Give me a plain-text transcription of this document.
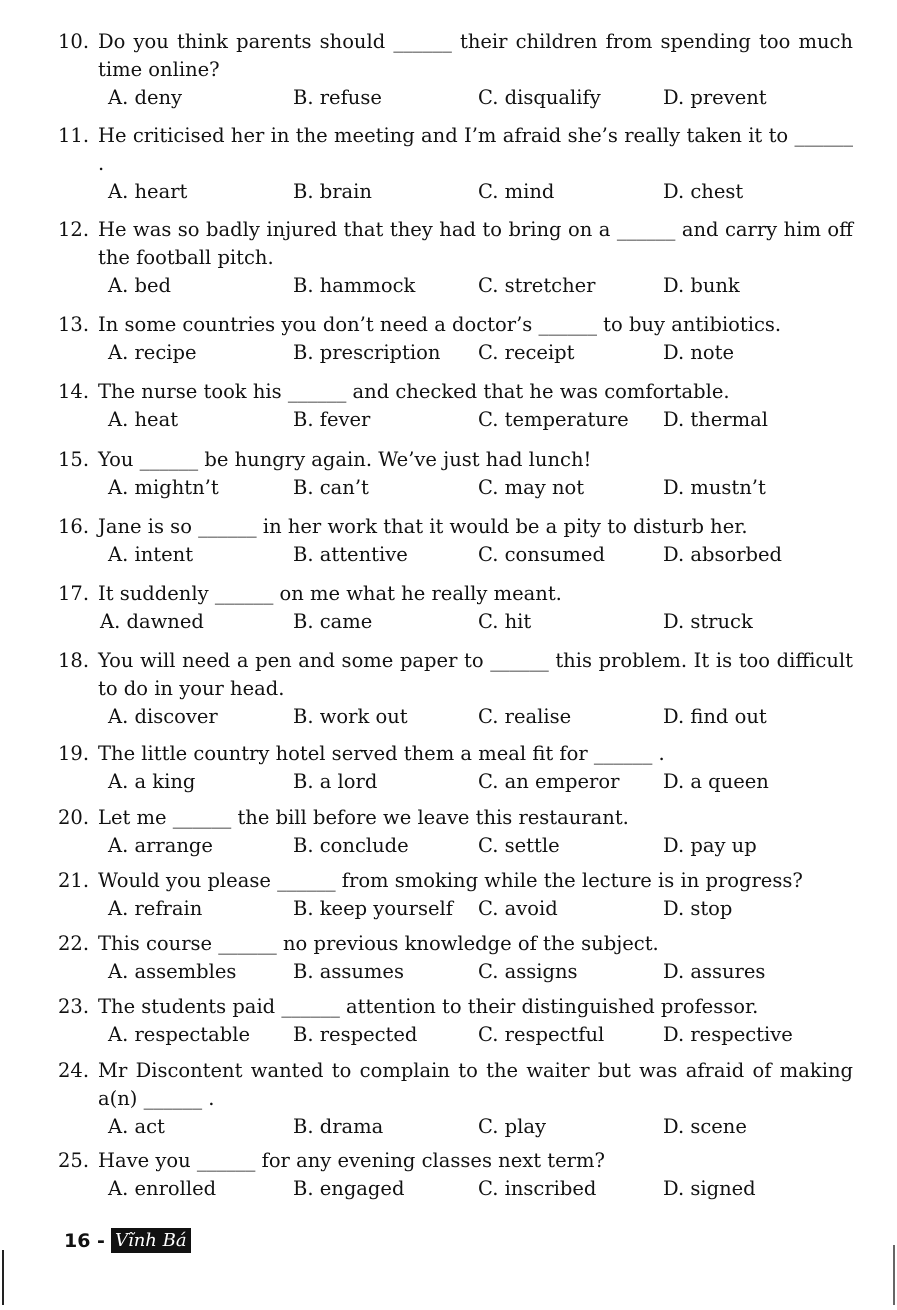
10. Do you think parents should ______ their children from spending too much time online?
A. deny	B. refuse	C. disqualify	D. prevent
11. He criticised her in the meeting and I’m afraid she’s really taken it to ______ .
A. heart	B. brain	C. mind	D. chest
12. He was so badly injured that they had to bring on a ______ and carry him off the football pitch.
A. bed	B. hammock	C. stretcher	D. bunk
13. In some countries you don’t need a doctor’s ______ to buy antibiotics.
A. recipe	B. prescription	C. receipt	D. note
14. The nurse took his ______ and checked that he was comfortable.
A. heat	B. fever	C. temperature	D. thermal
15. You ______ be hungry again. We’ve just had lunch!
A. mightn’t	B. can’t	C. may not	D. mustn’t
16. Jane is so ______ in her work that it would be a pity to disturb her.
A. intent	B. attentive	C. consumed	D. absorbed
17. It suddenly ______ on me what he really meant.
A. dawned	B. came	C. hit	D. struck
18. You will need a pen and some paper to ______ this problem. It is too difficult to do in your head.
A. discover	B. work out	C. realise	D. find out
19. The little country hotel served them a meal fit for ______ .
A. a king	B. a lord	C. an emperor	D. a queen
20. Let me ______ the bill before we leave this restaurant.
A. arrange	B. conclude	C. settle	D. pay up
21. Would you please ______ from smoking while the lecture is in progress?
A. refrain	B. keep yourself	C. avoid	D. stop
22. This course ______ no previous knowledge of the subject.
A. assembles	B. assumes	C. assigns	D. assures
23. The students paid ______ attention to their distinguished professor.
A. respectable	B. respected	C. respectful	D. respective
24. Mr Discontent wanted to complain to the waiter but was afraid of making a(n) ______ .
A. act	B. drama	C. play	D. scene
25. Have you ______ for any evening classes next term?
A. enrolled	B. engaged	C. inscribed	D. signed
16 - Vĩnh Bá
